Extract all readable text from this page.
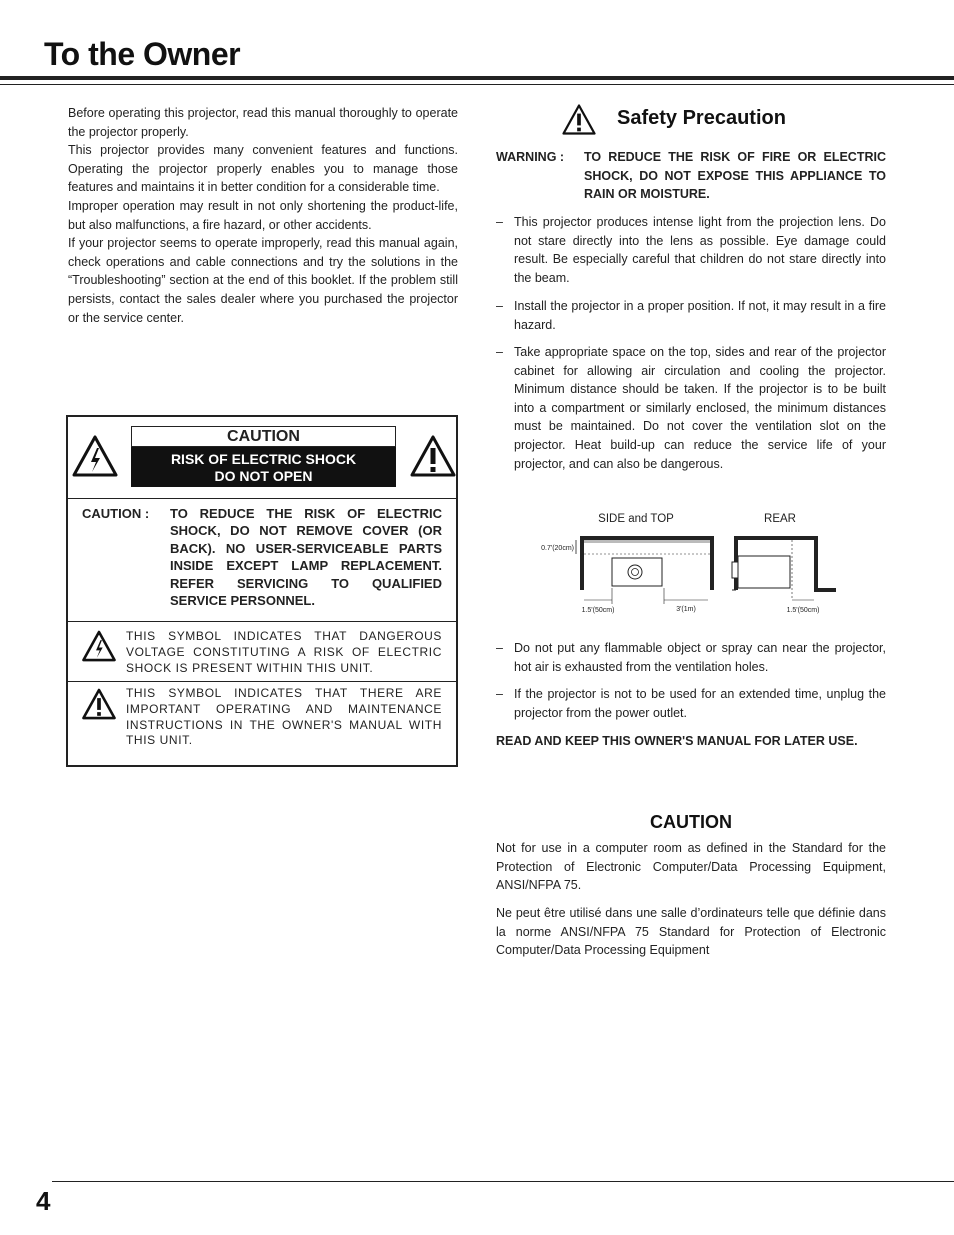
To the Owner

Before operating this projector, read this manual thoroughly to operate the projector properly.

This projector provides many convenient features and functions. Operating the projector properly enables you to manage those features and maintains it in better condition for a considerable time.

Improper operation may result in not only shortening the product-life, but also malfunctions, a fire hazard, or other accidents.

If your projector seems to operate improperly, read this manual again, check operations and cable connections and try the solutions in the “Troubleshooting” section at the end of this booklet. If the problem still persists, contact the sales dealer where you purchased the projector or the service center.

CAUTION
RISK OF ELECTRIC SHOCK
DO NOT OPEN
CAUTION : TO REDUCE THE RISK OF ELECTRIC SHOCK, DO NOT REMOVE COVER (OR BACK). NO USER-SERVICEABLE PARTS INSIDE EXCEPT LAMP REPLACEMENT. REFER SERVICING TO QUALIFIED SERVICE PERSONNEL.
THIS SYMBOL INDICATES THAT DANGEROUS VOLTAGE CONSTITUTING A RISK OF ELECTRIC SHOCK IS PRESENT WITHIN THIS UNIT.
THIS SYMBOL INDICATES THAT THERE ARE IMPORTANT OPERATING AND MAINTENANCE INSTRUCTIONS IN THE OWNER'S MANUAL WITH THIS UNIT.
Safety Precaution
WARNING : TO REDUCE THE RISK OF FIRE OR ELECTRIC SHOCK, DO NOT EXPOSE THIS APPLIANCE TO RAIN OR MOISTURE.
– This projector produces intense light from the projection lens. Do not stare directly into the lens as possible. Eye damage could result. Be especially careful that children do not stare directly into the beam.
– Install the projector in a proper position. If not, it may result in a fire hazard.
– Take appropriate space on the top, sides and rear of the projector cabinet for allowing air circulation and cooling the projector. Minimum distance should be taken. If the projector is to be built into a compartment or similarly enclosed, the minimum distances must be maintained. Do not cover the ventilation slot on the projector. Heat build-up can reduce the service life of your projector, and can also be dangerous.
SIDE and TOP	REAR
0.7'(20cm)
1.5'(50cm)	3'(1m)	1.5'(50cm)
– Do not put any flammable object or spray can near the projector, hot air is exhausted from the ventilation holes.
– If the projector is not to be used for an extended time, unplug the projector from the power outlet.
READ AND KEEP THIS OWNER'S MANUAL FOR LATER USE.
CAUTION
Not for use in a computer room as defined in the Standard for the Protection of Electronic Computer/Data Processing Equipment, ANSI/NFPA 75.
Ne peut être utilisé dans une salle d’ordinateurs telle que définie dans la norme ANSI/NFPA 75 Standard for Protection of Electronic Computer/Data Processing Equipment
4
